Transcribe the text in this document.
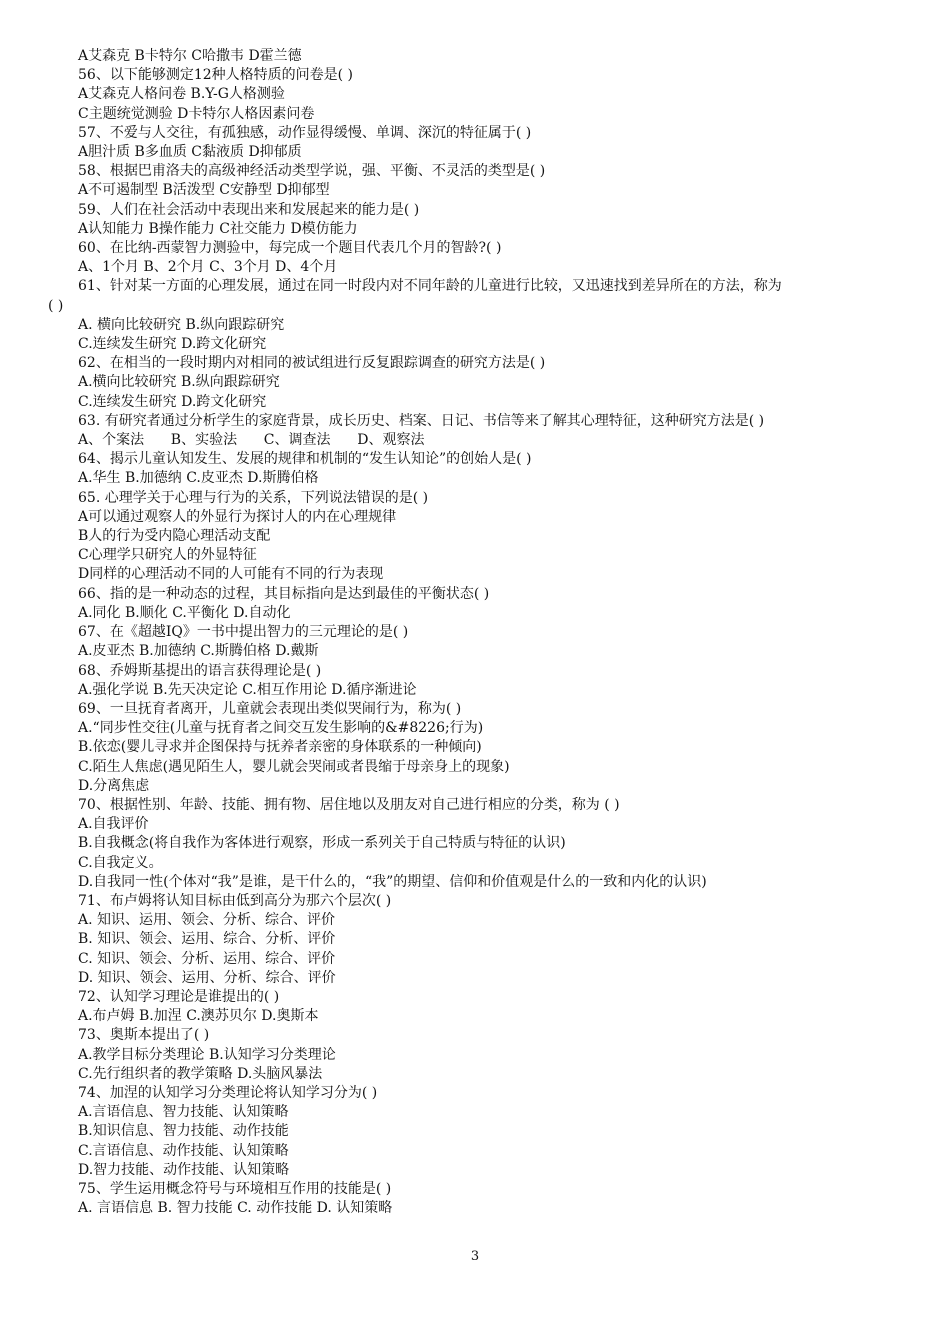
A艾森克 B卡特尔 C哈撒韦 D霍兰德
56、以下能够测定12种人格特质的问卷是( )
A艾森克人格问卷 B.Y-G人格测验
C主题统觉测验 D卡特尔人格因素问卷
57、不爱与人交往，有孤独感，动作显得缓慢、单调、深沉的特征属于( )
A胆汁质 B多血质 C黏液质 D抑郁质
58、根据巴甫洛夫的高级神经活动类型学说，强、平衡、不灵活的类型是( )
A不可遏制型 B活泼型 C安静型 D抑郁型
59、人们在社会活动中表现出来和发展起来的能力是( )
A认知能力 B操作能力 C社交能力 D模仿能力
60、在比纳-西蒙智力测验中，每完成一个题目代表几个月的智龄?( )
A、1个月 B、2个月 C、3个月 D、4个月
61、针对某一方面的心理发展，通过在同一时段内对不同年龄的儿童进行比较，又迅速找到差异所在的方法，称为
( )
A. 横向比较研究 B.纵向跟踪研究
C.连续发生研究 D.跨文化研究
62、在相当的一段时期内对相同的被试组进行反复跟踪调查的研究方法是( )
A.横向比较研究 B.纵向跟踪研究
C.连续发生研究 D.跨文化研究
63. 有研究者通过分析学生的家庭背景，成长历史、档案、日记、书信等来了解其心理特征，这种研究方法是( )
A、个案法      B、实验法      C、调查法      D、观察法
64、揭示儿童认知发生、发展的规律和机制的“发生认知论”的创始人是( )
A.华生 B.加德纳 C.皮亚杰 D.斯腾伯格
65. 心理学关于心理与行为的关系，下列说法错误的是( )
A可以通过观察人的外显行为探讨人的内在心理规律
B人的行为受内隐心理活动支配
C心理学只研究人的外显特征
D同样的心理活动不同的人可能有不同的行为表现
66、指的是一种动态的过程，其目标指向是达到最佳的平衡状态( )
A.同化 B.顺化 C.平衡化 D.自动化
67、在《超越IQ》一书中提出智力的三元理论的是( )
A.皮亚杰 B.加德纳 C.斯腾伯格 D.戴斯
68、乔姆斯基提出的语言获得理论是( )
A.强化学说 B.先天决定论 C.相互作用论 D.循序渐进论
69、一旦抚育者离开，儿童就会表现出类似哭闹行为，称为( )
A.“同步性交往(儿童与抚育者之间交互发生影响的&#8226;行为)
B.依恋(婴儿寻求并企图保持与抚养者亲密的身体联系的一种倾向)
C.陌生人焦虑(遇见陌生人，婴儿就会哭闹或者畏缩于母亲身上的现象)
D.分离焦虑
70、根据性别、年龄、技能、拥有物、居住地以及朋友对自己进行相应的分类，称为 ( )
A.自我评价
B.自我概念(将自我作为客体进行观察，形成一系列关于自己特质与特征的认识)
C.自我定义。
D.自我同一性(个体对“我”是谁，是干什么的，“我”的期望、信仰和价值观是什么的一致和内化的认识)
71、布卢姆将认知目标由低到高分为那六个层次( )
A. 知识、运用、领会、分析、综合、评价
B. 知识、领会、运用、综合、分析、评价
C. 知识、领会、分析、运用、综合、评价
D. 知识、领会、运用、分析、综合、评价
72、认知学习理论是谁提出的( )
A.布卢姆 B.加涅 C.澳苏贝尔 D.奥斯本
73、奥斯本提出了( )
A.教学目标分类理论 B.认知学习分类理论
C.先行组织者的教学策略 D.头脑风暴法
74、加涅的认知学习分类理论将认知学习分为( )
A.言语信息、智力技能、认知策略
B.知识信息、智力技能、动作技能
C.言语信息、动作技能、认知策略
D.智力技能、动作技能、认知策略
75、学生运用概念符号与环境相互作用的技能是( )
A. 言语信息 B. 智力技能 C. 动作技能 D. 认知策略
3
